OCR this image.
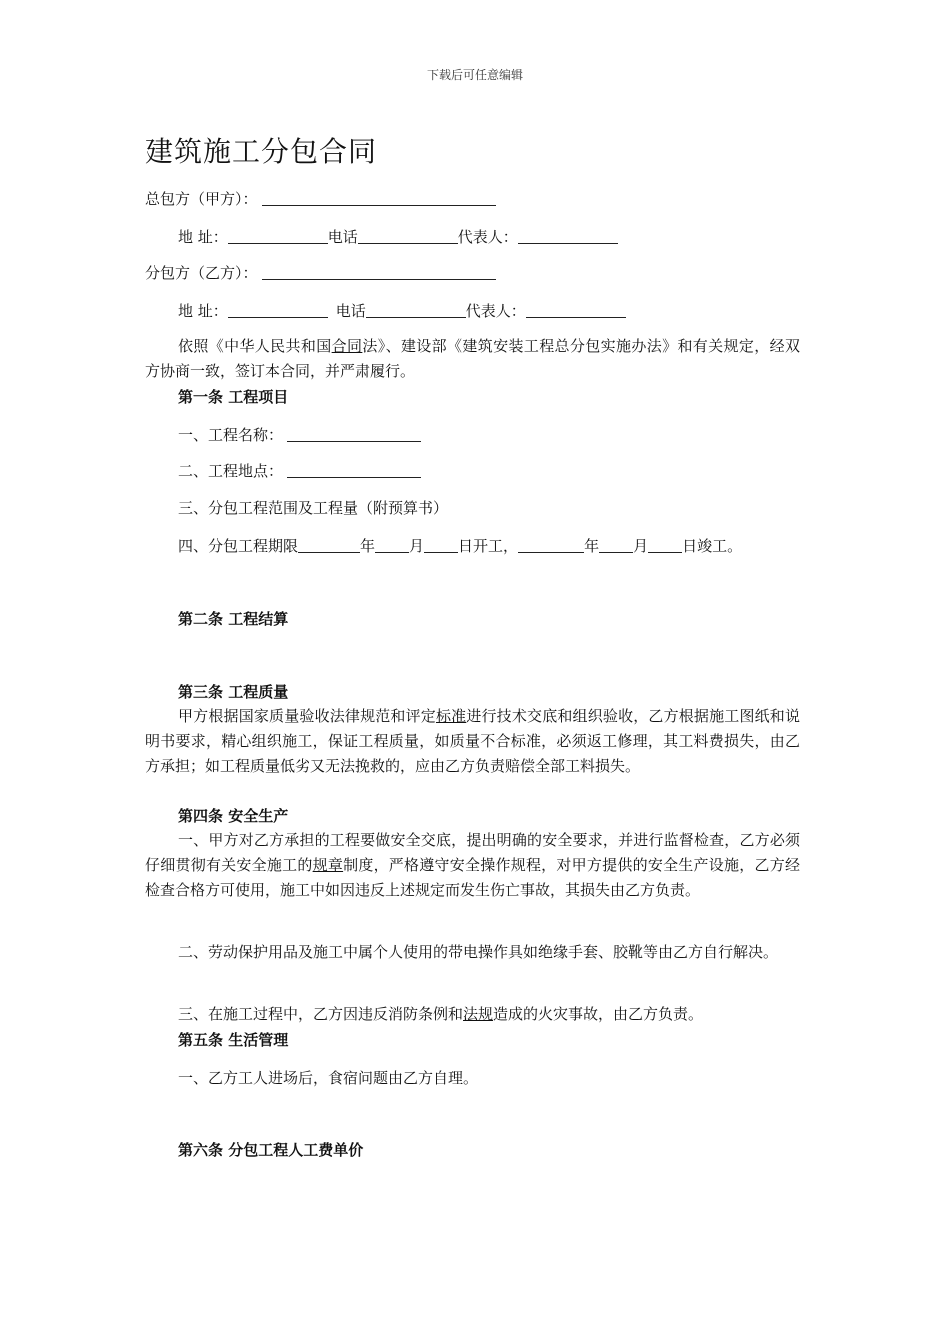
下载后可任意编辑
建筑施工分包合同
总包方（甲方）：
地 址：	电话	代表人：
分包方（乙方）：
地 址：	电话	代表人：
依照《中华人民共和国合同法》、建设部《建筑安装工程总分包实施办法》和有关规定，经双方协商一致，签订本合同，并严肃履行。
第一条 工程项目
一、工程名称：
二、工程地点：
三、分包工程范围及工程量（附预算书）
四、分包工程期限	年 月 日开工，	年 月 日竣工。
第二条 工程结算
第三条 工程质量
甲方根据国家质量验收法律规范和评定标准进行技术交底和组织验收，乙方根据施工图纸和说明书要求，精心组织施工，保证工程质量，如质量不合标准，必须返工修理，其工料费损失，由乙方承担；如工程质量低劣又无法挽救的，应由乙方负责赔偿全部工料损失。
第四条 安全生产
一、甲方对乙方承担的工程要做安全交底，提出明确的安全要求，并进行监督检查，乙方必须仔细贯彻有关安全施工的规章制度，严格遵守安全操作规程，对甲方提供的安全生产设施，乙方经检查合格方可使用，施工中如因违反上述规定而发生伤亡事故，其损失由乙方负责。
二、劳动保护用品及施工中属个人使用的带电操作具如绝缘手套、胶靴等由乙方自行解决。
三、在施工过程中，乙方因违反消防条例和法规造成的火灾事故，由乙方负责。
第五条 生活管理
一、乙方工人进场后，食宿问题由乙方自理。
第六条 分包工程人工费单价
